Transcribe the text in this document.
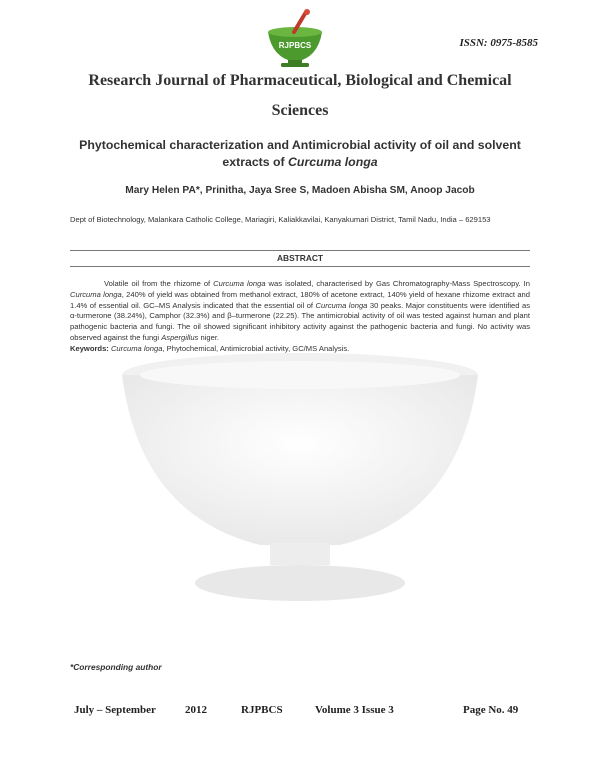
RJPBCS	ISSN: 0975-8585
Research Journal of Pharmaceutical, Biological and Chemical
Sciences
Phytochemical characterization and Antimicrobial activity of oil and solvent
extracts of Curcuma longa
Mary Helen PA*, Prinitha, Jaya Sree S, Madoen Abisha SM, Anoop Jacob
Dept of Biotechnology, Malankara Catholic College, Mariagiri, Kaliakkavilai, Kanyakumari District, Tamil Nadu, India – 629153
ABSTRACT

Volatile oil from the rhizome of Curcuma longa was isolated, characterised by Gas Chromatography-Mass Spectroscopy. In Curcuma longa, 240% of yield was obtained from methanol extract, 180% of acetone extract, 140% yield of hexane rhizome extract and 1.4% of essential oil. GC–MS Analysis indicated that the essential oil of Curcuma longa 30 peaks. Major constituents were identified as α-turmerone (38.24%), Camphor (32.3%) and β–turmerone (22.25). The antimicrobial activity of oil was tested against human and plant pathogenic bacteria and fungi. The oil showed significant inhibitory activity against the pathogenic bacteria and fungi. No activity was observed against the fungi Aspergillus niger.

Keywords: Curcuma longa, Phytochemical, Antimicrobial activity, GC/MS Analysis.
*Corresponding author
July – September	2012	RJPBCS	Volume 3 Issue 3	Page No. 49
